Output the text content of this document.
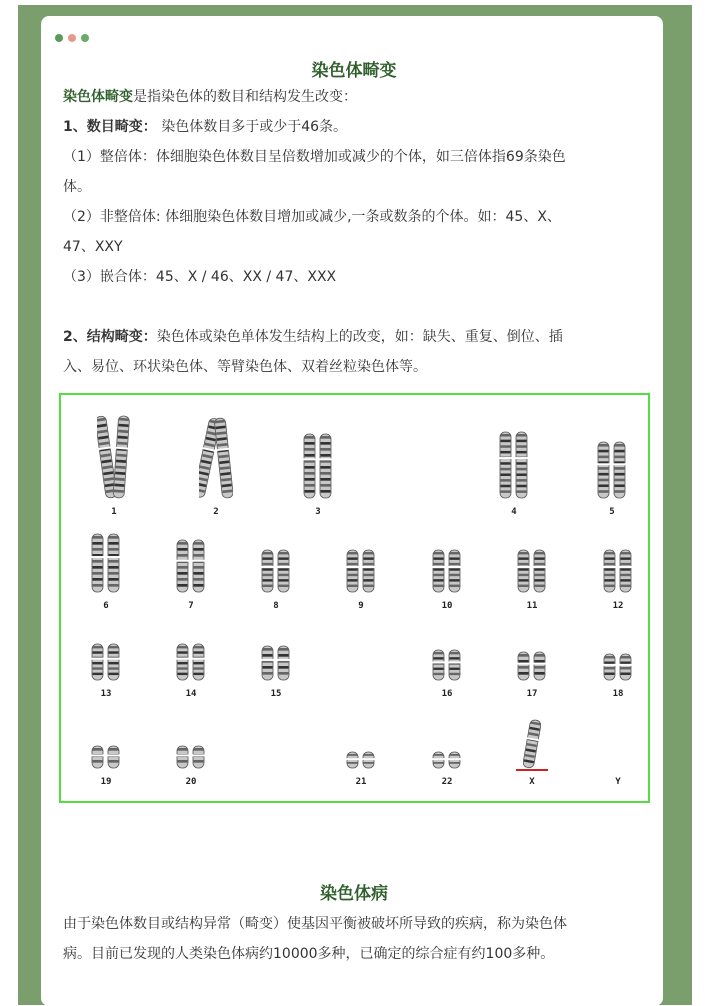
染色体畸变
染色体畸变是指染色体的数目和结构发生改变：
1、数目畸变： 染色体数目多于或少于46条。
（1）整倍体：体细胞染色体数目呈倍数增加或减少的个体，如三倍体指69条染色
体。
（2）非整倍体: 体细胞染色体数目增加或减少,一条或数条的个体。如：45、X、
47、XXY
（3）嵌合体：45、X / 46、XX / 47、XXX
2、结构畸变：染色体或染色单体发生结构上的改变，如：缺失、重复、倒位、插
入、易位、环状染色体、等臂染色体、双着丝粒染色体等。
1	2	3	4	5
6	7	8	9	10	11	12
13	14	15	16	17	18
19	20	21	22	X	Y
染色体病
由于染色体数目或结构异常（畸变）使基因平衡被破坏所导致的疾病，称为染色体
病。目前已发现的人类染色体病约10000多种，已确定的综合症有约100多种。
